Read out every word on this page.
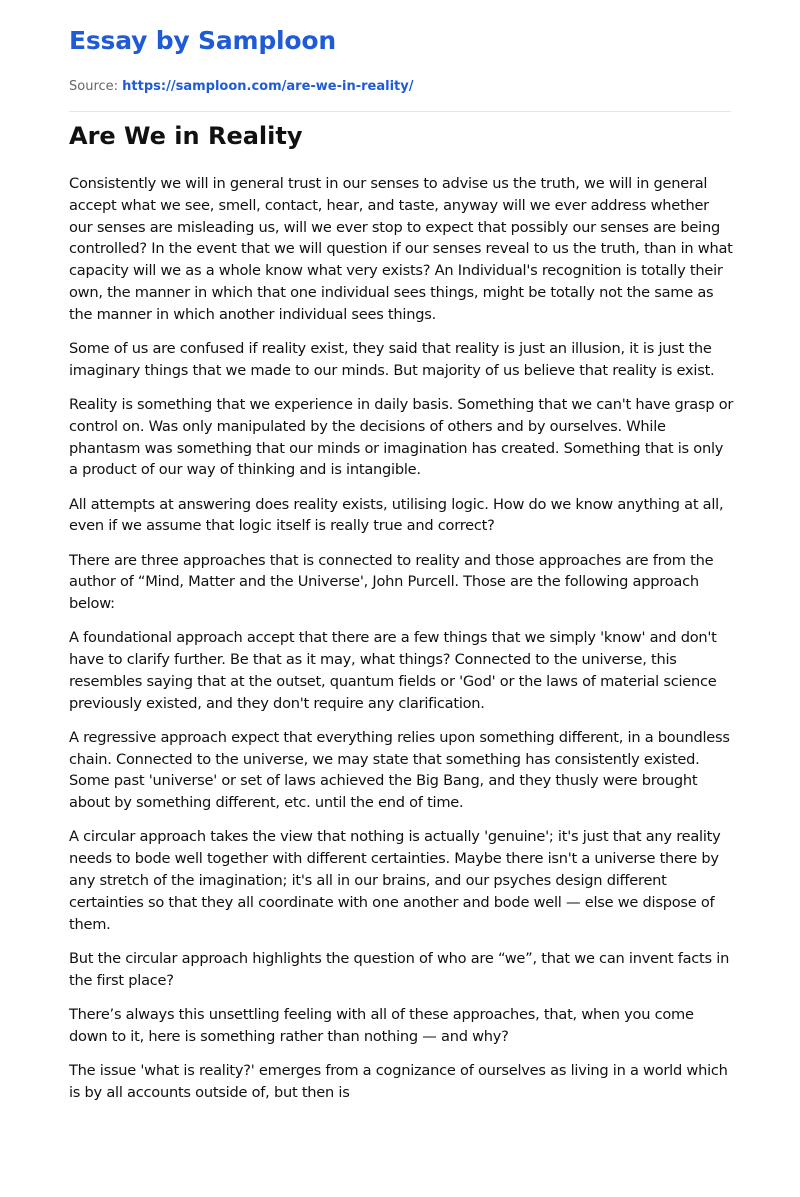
Essay by Samploon
Source: https://samploon.com/are-we-in-reality/
Are We in Reality

Consistently we will in general trust in our senses to advise us the truth, we will in general accept what we see, smell, contact, hear, and taste, anyway will we ever address whether our senses are misleading us, will we ever stop to expect that possibly our senses are being controlled? In the event that we will question if our senses reveal to us the truth, than in what capacity will we as a whole know what very exists? An Individual's recognition is totally their own, the manner in which that one individual sees things, might be totally not the same as the manner in which another individual sees things.

Some of us are confused if reality exist, they said that reality is just an illusion, it is just the imaginary things that we made to our minds. But majority of us believe that reality is exist.

Reality is something that we experience in daily basis. Something that we can't have grasp or control on. Was only manipulated by the decisions of others and by ourselves. While phantasm was something that our minds or imagination has created. Something that is only a product of our way of thinking and is intangible.

All attempts at answering does reality exists, utilising logic. How do we know anything at all, even if we assume that logic itself is really true and correct?

There are three approaches that is connected to reality and those approaches are from the author of “Mind, Matter and the Universe', John Purcell. Those are the following approach below:

A foundational approach accept that there are a few things that we simply 'know' and don't have to clarify further. Be that as it may, what things? Connected to the universe, this resembles saying that at the outset, quantum fields or 'God' or the laws of material science previously existed, and they don't require any clarification.

A regressive approach expect that everything relies upon something different, in a boundless chain. Connected to the universe, we may state that something has consistently existed. Some past 'universe' or set of laws achieved the Big Bang, and they thusly were brought about by something different, etc. until the end of time.

A circular approach takes the view that nothing is actually 'genuine'; it's just that any reality needs to bode well together with different certainties. Maybe there isn't a universe there by any stretch of the imagination; it's all in our brains, and our psyches design different certainties so that they all coordinate with one another and bode well — else we dispose of them.

But the circular approach highlights the question of who are “we”, that we can invent facts in the first place?

There’s always this unsettling feeling with all of these approaches, that, when you come down to it, here is something rather than nothing — and why?

The issue 'what is reality?' emerges from a cognizance of ourselves as living in a world which is by all accounts outside of, but then is
